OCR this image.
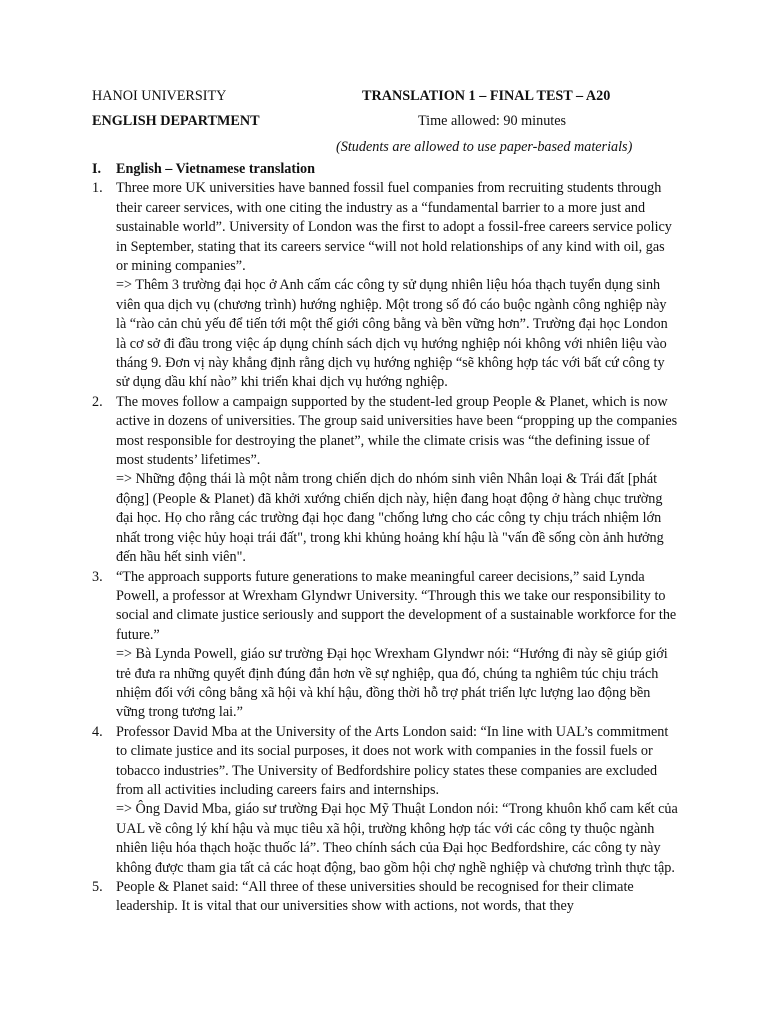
HANOI UNIVERSITY	TRANSLATION 1 – FINAL TEST – A20
ENGLISH DEPARTMENT	Time allowed: 90 minutes
(Students are allowed to use paper-based materials)
I. English – Vietnamese translation
1. Three more UK universities have banned fossil fuel companies from recruiting students through their career services, with one citing the industry as a “fundamental barrier to a more just and sustainable world”. University of London was the first to adopt a fossil-free careers service policy in September, stating that its careers service “will not hold relationships of any kind with oil, gas or mining companies”.

=> Thêm 3 trường đại học ở Anh cấm các công ty sử dụng nhiên liệu hóa thạch tuyển dụng sinh viên qua dịch vụ (chương trình) hướng nghiệp. Một trong số đó cáo buộc ngành công nghiệp này là “rào cản chủ yếu để tiến tới một thế giới công bằng và bền vững hơn”. Trường đại học London là cơ sở đi đầu trong việc áp dụng chính sách dịch vụ hướng nghiệp nói không với nhiên liệu vào tháng 9. Đơn vị này khẳng định rằng dịch vụ hướng nghiệp “sẽ không hợp tác với bất cứ công ty sử dụng dầu khí nào” khi triển khai dịch vụ hướng nghiệp.

2. The moves follow a campaign supported by the student-led group People & Planet, which is now active in dozens of universities. The group said universities have been “propping up the companies most responsible for destroying the planet”, while the climate crisis was “the defining issue of most students’ lifetimes”.

=> Những động thái là một nằm trong chiến dịch do nhóm sinh viên Nhân loại & Trái đất [phát động] (People & Planet) đã khởi xướng chiến dịch này, hiện đang hoạt động ở hàng chục trường đại học. Họ cho rằng các trường đại học đang "chống lưng cho các công ty chịu trách nhiệm lớn nhất trong việc hủy hoại trái đất", trong khi khủng hoảng khí hậu là "vấn đề sống còn ảnh hưởng đến hầu hết sinh viên".

3. “The approach supports future generations to make meaningful career decisions,” said Lynda Powell, a professor at Wrexham Glyndwr University. “Through this we take our responsibility to social and climate justice seriously and support the development of a sustainable workforce for the future.”

=> Bà Lynda Powell, giáo sư trường Đại học Wrexham Glyndwr nói: “Hướng đi này sẽ giúp giới trẻ đưa ra những quyết định đúng đắn hơn về sự nghiệp, qua đó, chúng ta nghiêm túc chịu trách nhiệm đối với công bằng xã hội và khí hậu, đồng thời hỗ trợ phát triển lực lượng lao động bền vững trong tương lai.”

4. Professor David Mba at the University of the Arts London said: “In line with UAL’s commitment to climate justice and its social purposes, it does not work with companies in the fossil fuels or tobacco industries”. The University of Bedfordshire policy states these companies are excluded from all activities including careers fairs and internships.

=> Ông David Mba, giáo sư trường Đại học Mỹ Thuật London nói: “Trong khuôn khổ cam kết của UAL về công lý khí hậu và mục tiêu xã hội, trường không hợp tác với các công ty thuộc ngành nhiên liệu hóa thạch hoặc thuốc lá”. Theo chính sách của Đại học Bedfordshire, các công ty này không được tham gia tất cả các hoạt động, bao gồm hội chợ nghề nghiệp và chương trình thực tập.

5. People & Planet said: “All three of these universities should be recognised for their climate leadership. It is vital that our universities show with actions, not words, that they
